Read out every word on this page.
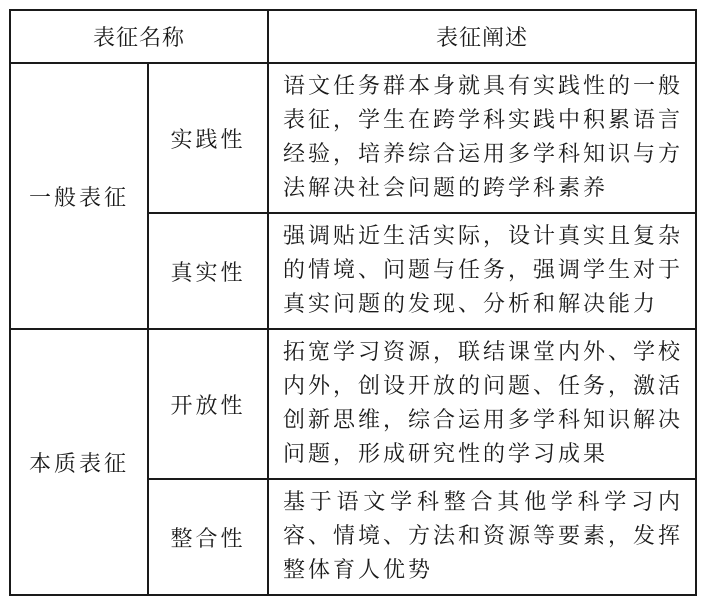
表征名称		表征阐述
一般表征	实践性	语文任务群本身就具有实践性的一般表征，学生在跨学科实践中积累语言经验，培养综合运用多学科知识与方法解决社会问题的跨学科素养
	真实性	强调贴近生活实际，设计真实且复杂的情境、问题与任务，强调学生对于真实问题的发现、分析和解决能力
本质表征	开放性	拓宽学习资源，联结课堂内外、学校内外，创设开放的问题、任务，激活创新思维，综合运用多学科知识解决问题，形成研究性的学习成果
	整合性	基于语文学科整合其他学科学习内容、情境、方法和资源等要素，发挥整体育人优势
